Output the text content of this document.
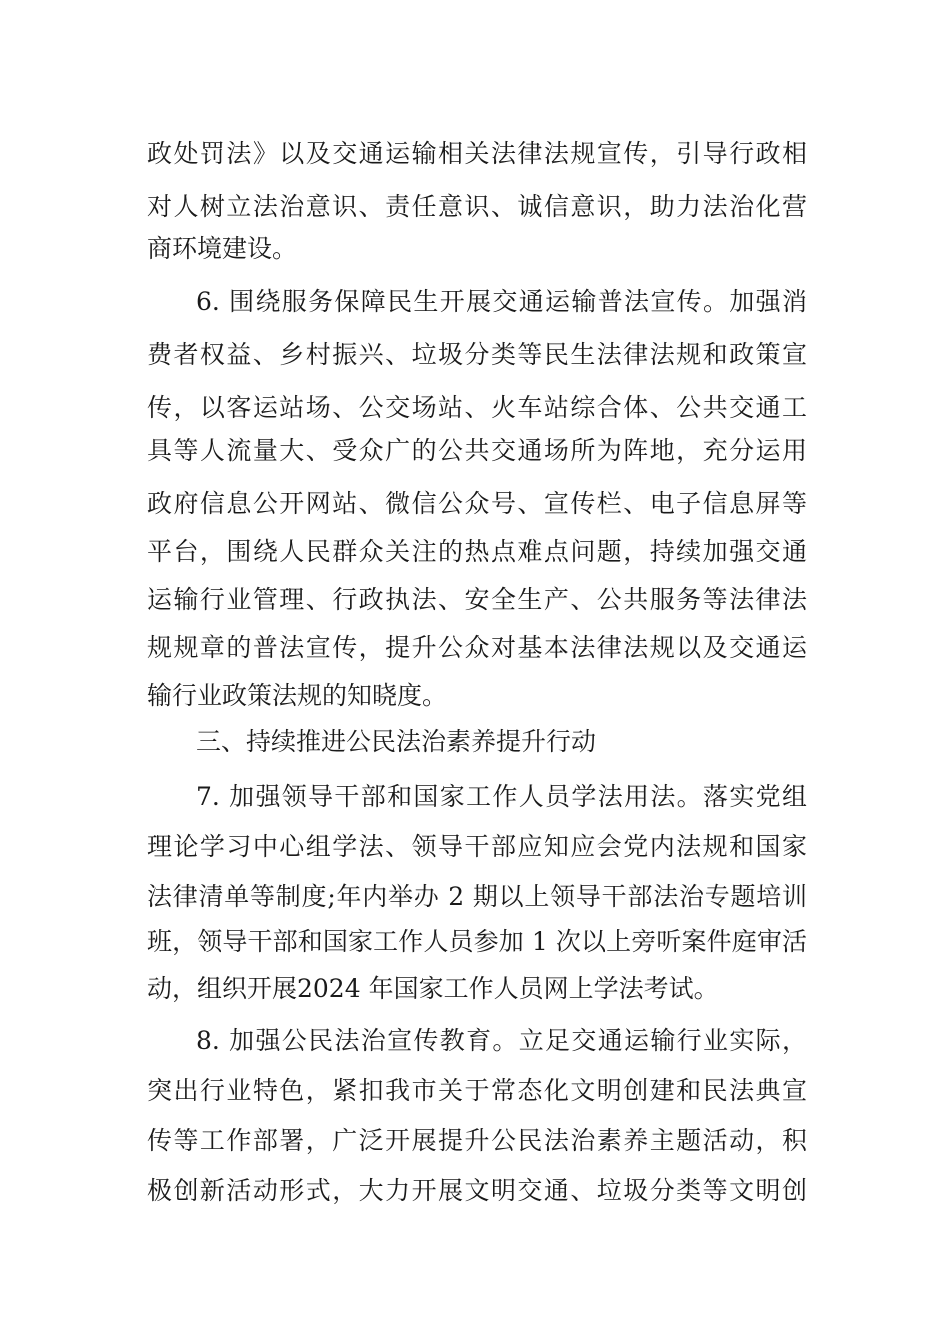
政处罚法》以及交通运输相关法律法规宣传，引导行政相
对人树立法治意识、责任意识、诚信意识，助力法治化营
商环境建设。
6. 围绕服务保障民生开展交通运输普法宣传。加强消
费者权益、乡村振兴、垃圾分类等民生法律法规和政策宣
传，以客运站场、公交场站、火车站综合体、公共交通工
具等人流量大、受众广的公共交通场所为阵地，充分运用
政府信息公开网站、微信公众号、宣传栏、电子信息屏等
平台，围绕人民群众关注的热点难点问题，持续加强交通
运输行业管理、行政执法、安全生产、公共服务等法律法
规规章的普法宣传，提升公众对基本法律法规以及交通运
输行业政策法规的知晓度。
三、持续推进公民法治素养提升行动
7. 加强领导干部和国家工作人员学法用法。落实党组
理论学习中心组学法、领导干部应知应会党内法规和国家
法律清单等制度;年内举办 2 期以上领导干部法治专题培训
班，领导干部和国家工作人员参加 1 次以上旁听案件庭审活
动，组织开展2024 年国家工作人员网上学法考试。
8. 加强公民法治宣传教育。立足交通运输行业实际，
突出行业特色，紧扣我市关于常态化文明创建和民法典宣
传等工作部署，广泛开展提升公民法治素养主题活动，积
极创新活动形式，大力开展文明交通、垃圾分类等文明创
